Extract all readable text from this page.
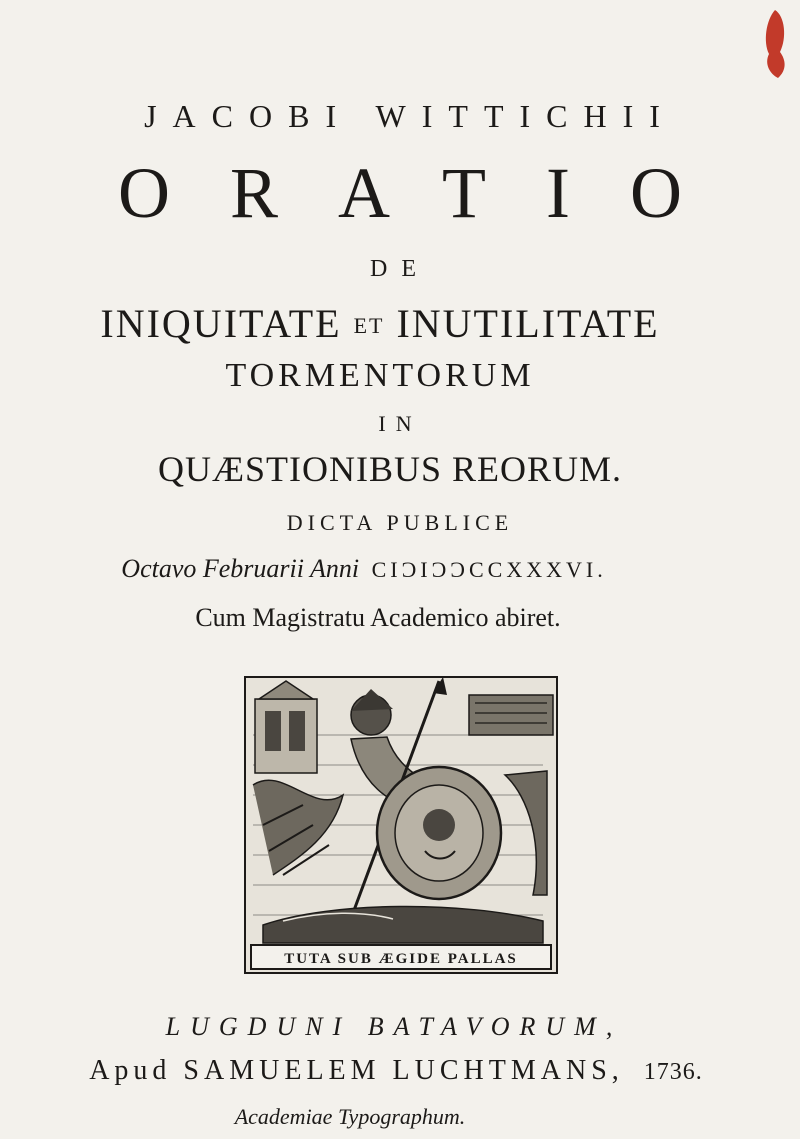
JACOBI WITTICHII
ORATIO
DE
INIQUITATE ET INUTILITATE
TORMENTORUM
IN
QUÆSTIONIBUS REORUM.
DICTA PUBLICE
Octavo Februarii Anni CIƆIƆƆCCXXXVI.
Cum Magistratu Academico abiret.
TUTA SUB ÆGIDE PALLAS
LUGDUNI BATAVORUM,
Apud SAMUELEM LUCHTMANS, 1736.
Academiae Typographum.
